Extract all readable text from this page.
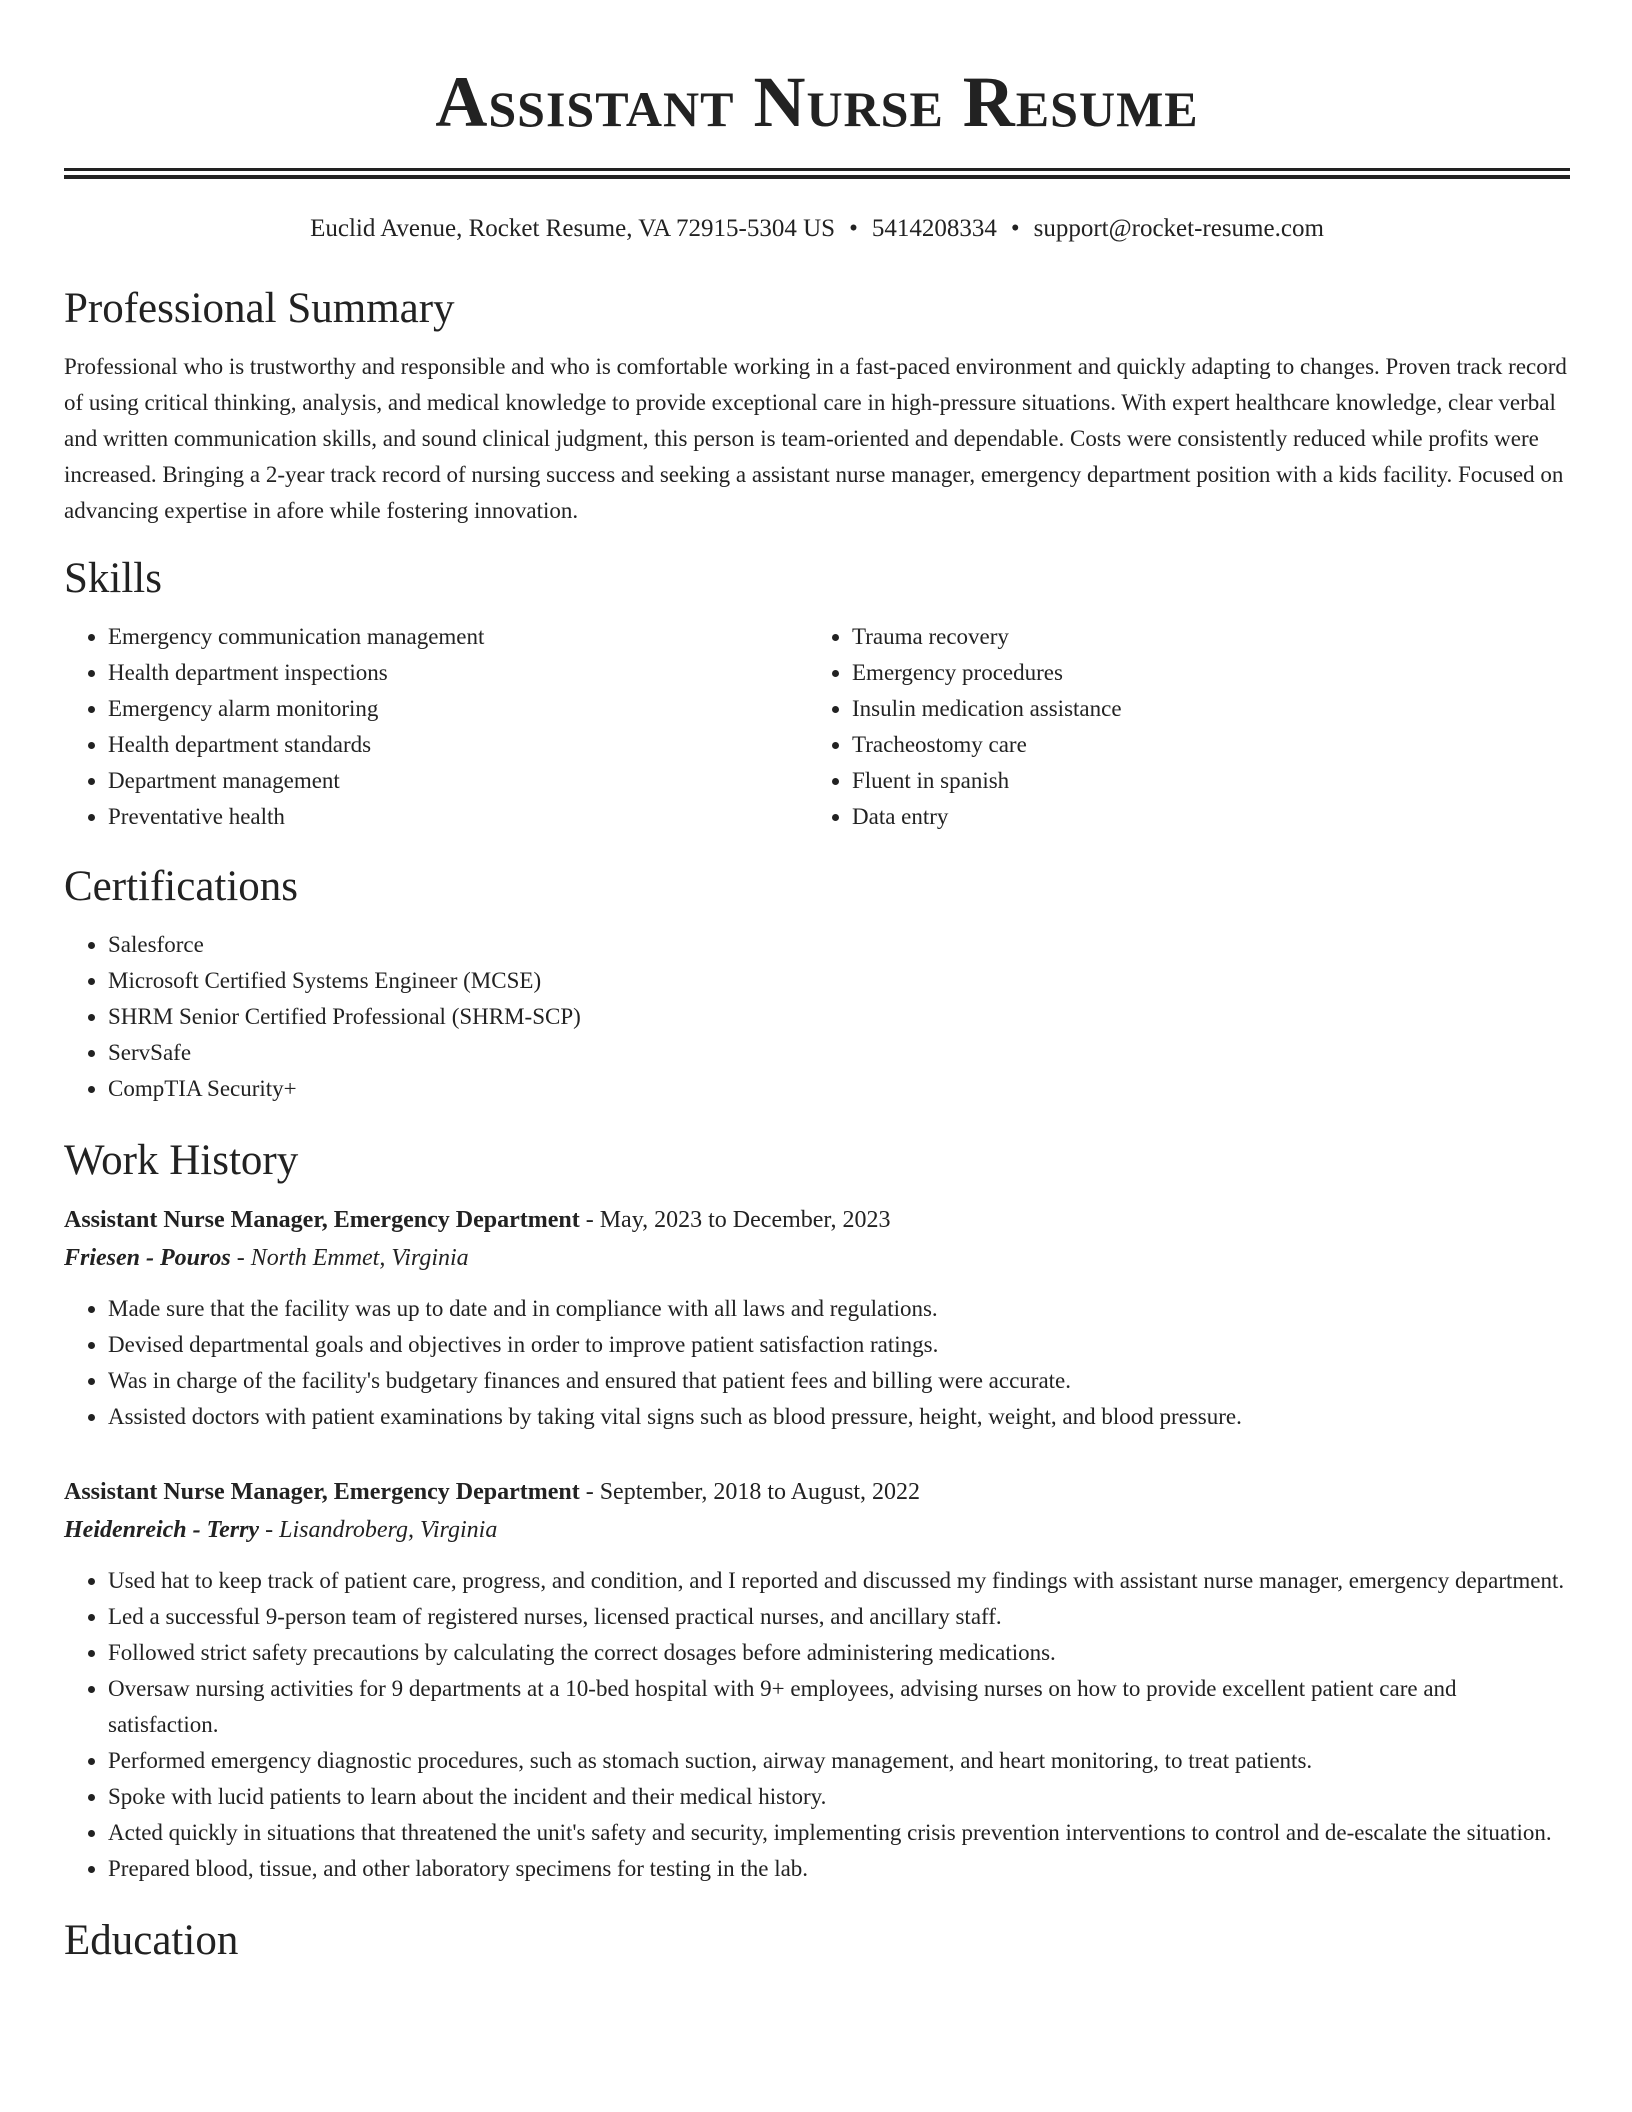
Assistant Nurse Resume
Euclid Avenue, Rocket Resume, VA 72915-5304 US • 5414208334 • support@rocket-resume.com
Professional Summary
Professional who is trustworthy and responsible and who is comfortable working in a fast-paced environment and quickly adapting to changes. Proven track record of using critical thinking, analysis, and medical knowledge to provide exceptional care in high-pressure situations. With expert healthcare knowledge, clear verbal and written communication skills, and sound clinical judgment, this person is team-oriented and dependable. Costs were consistently reduced while profits were increased. Bringing a 2-year track record of nursing success and seeking a assistant nurse manager, emergency department position with a kids facility. Focused on advancing expertise in afore while fostering innovation.
Skills
• Emergency communication management
• Health department inspections
• Emergency alarm monitoring
• Health department standards
• Department management
• Preventative health
• Trauma recovery
• Emergency procedures
• Insulin medication assistance
• Tracheostomy care
• Fluent in spanish
• Data entry
Certifications
• Salesforce
• Microsoft Certified Systems Engineer (MCSE)
• SHRM Senior Certified Professional (SHRM-SCP)
• ServSafe
• CompTIA Security+
Work History
Assistant Nurse Manager, Emergency Department - May, 2023 to December, 2023
Friesen - Pouros - North Emmet, Virginia
• Made sure that the facility was up to date and in compliance with all laws and regulations.
• Devised departmental goals and objectives in order to improve patient satisfaction ratings.
• Was in charge of the facility's budgetary finances and ensured that patient fees and billing were accurate.
• Assisted doctors with patient examinations by taking vital signs such as blood pressure, height, weight, and blood pressure.
Assistant Nurse Manager, Emergency Department - September, 2018 to August, 2022
Heidenreich - Terry - Lisandroberg, Virginia
• Used hat to keep track of patient care, progress, and condition, and I reported and discussed my findings with assistant nurse manager, emergency department.
• Led a successful 9-person team of registered nurses, licensed practical nurses, and ancillary staff.
• Followed strict safety precautions by calculating the correct dosages before administering medications.
• Oversaw nursing activities for 9 departments at a 10-bed hospital with 9+ employees, advising nurses on how to provide excellent patient care and satisfaction.
• Performed emergency diagnostic procedures, such as stomach suction, airway management, and heart monitoring, to treat patients.
• Spoke with lucid patients to learn about the incident and their medical history.
• Acted quickly in situations that threatened the unit's safety and security, implementing crisis prevention interventions to control and de-escalate the situation.
• Prepared blood, tissue, and other laboratory specimens for testing in the lab.
Education
